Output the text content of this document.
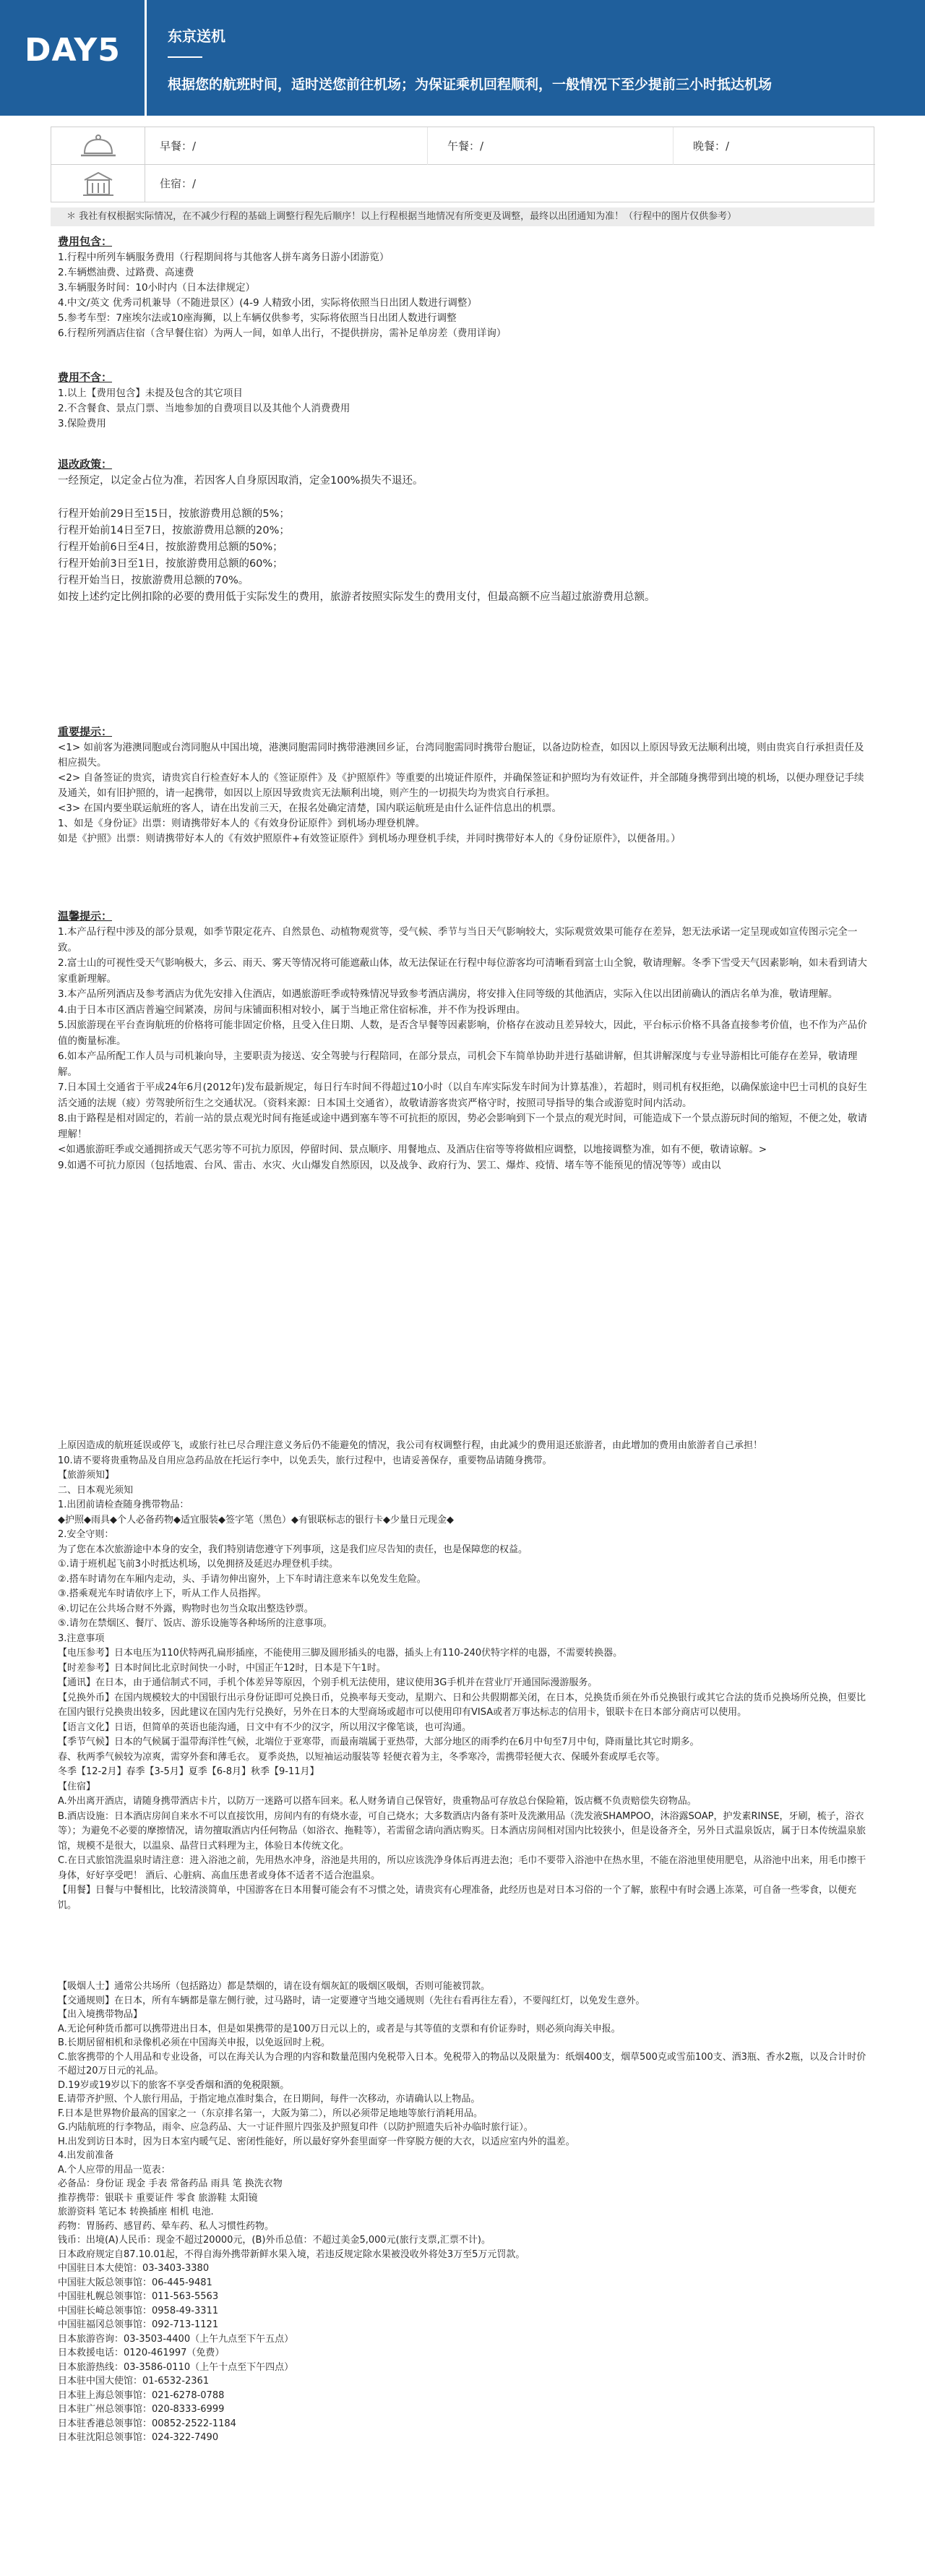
DAY5	东京送机
根据您的航班时间，适时送您前往机场；为保证乘机回程顺利，一般情况下至少提前三小时抵达机场
早餐：/	午餐：/	晚餐：/
住宿：/
＊ 我社有权根据实际情况，在不减少行程的基础上调整行程先后顺序！以上行程根据当地情况有所变更及调整，最终以出团通知为准！（行程中的图片仅供参考）

费用包含：

1.行程中所列车辆服务费用（行程期间将与其他客人拼车离务日游小团游览）

2.车辆燃油费、过路费、高速费

3.车辆服务时间：10小时内（日本法律规定）

4.中文/英文 优秀司机兼导（不随进景区）(4-9 人精致小团，实际将依照当日出团人数进行调整）

5.参考车型：7座埃尔法或10座海狮，以上车辆仅供参考，实际将依照当日出团人数进行调整

6.行程所列酒店住宿（含早餐住宿）为两人一间，如单人出行，不提供拼房，需补足单房差（费用详询）

费用不含：

1.以上【费用包含】未提及包含的其它项目

2.不含餐食、景点门票、当地参加的自费项目以及其他个人消费费用

3.保险费用

退改政策：

一经预定，以定金占位为准，若因客人自身原因取消，定金100%损失不退还。

行程开始前29日至15日，按旅游费用总额的5%；

行程开始前14日至7日，按旅游费用总额的20%；

行程开始前6日至4日，按旅游费用总额的50%；

行程开始前3日至1日，按旅游费用总额的60%；

行程开始当日，按旅游费用总额的70%。

如按上述约定比例扣除的必要的费用低于实际发生的费用，旅游者按照实际发生的费用支付，但最高额不应当超过旅游费用总额。

重要提示：

<1> 如前客为港澳同胞或台湾同胞从中国出境，港澳同胞需同时携带港澳回乡证，台湾同胞需同时携带台胞证，以备边防检查，如因以上原因导致无法顺利出境，则由贵宾自行承担责任及相应损失。

<2> 自备签证的贵宾，请贵宾自行检查好本人的《签证原件》及《护照原件》等重要的出境证件原件，并确保签证和护照均为有效证件，并全部随身携带到出境的机场，以便办理登记手续及通关，如有旧护照的，请一起携带，如因以上原因导致贵宾无法顺利出境，则产生的一切损失均为贵宾自行承担。

<3> 在国内要坐联运航班的客人，请在出发前三天，在报名处确定清楚，国内联运航班是由什么证件信息出的机票。

1、如是《身份证》出票：则请携带好本人的《有效身份证原件》到机场办理登机牌。

如是《护照》出票：则请携带好本人的《有效护照原件+有效签证原件》到机场办理登机手续，并同时携带好本人的《身份证原件》，以便备用。）

温馨提示：

1.本产品行程中涉及的部分景观，如季节限定花卉、自然景色、动植物观赏等，受气候、季节与当日天气影响较大，实际观赏效果可能存在差异，恕无法承诺一定呈现或如宣传图示完全一致。

2.富士山的可视性受天气影响极大，多云、雨天、雾天等情况将可能遮蔽山体，故无法保证在行程中每位游客均可清晰看到富士山全貌，敬请理解。冬季下雪受天气因素影响，如未看到请大家重新理解。

3.本产品所列酒店及参考酒店为优先安排入住酒店，如遇旅游旺季或特殊情况导致参考酒店满房，将安排入住同等级的其他酒店，实际入住以出团前确认的酒店名单为准，敬请理解。

4.由于日本市区酒店普遍空间紧凑，房间与床铺面积相对较小，属于当地正常住宿标准，并不作为投诉理由。

5.因旅游现在平台查询航班的价格将可能非固定价格，且受入住日期、人数，是否含早餐等因素影响，价格存在波动且差异较大，因此，平台标示价格不具备直接参考价值，也不作为产品价值的衡量标准。

6.如本产品所配工作人员与司机兼向导，主要职责为接送、安全驾驶与行程陪同，在部分景点，司机会下车简单协助并进行基础讲解，但其讲解深度与专业导游相比可能存在差异，敬请理解。

7.日本国土交通省于平成24年6月(2012年)发布最新规定，每日行车时间不得超过10小时（以自车库实际发车时间为计算基准），若超时，则司机有权拒绝，以确保旅途中巴士司机的良好生活交通的法规（疲）劳驾驶所衍生之交通状况。（资料来源：日本国土交通省），故敬请游客贵宾严格守时，按照司导指导的集合或游览时间内活动。

8.由于路程是相对固定的，若前一站的景点观光时间有拖延或途中遇到塞车等不可抗拒的原因，势必会影响到下一个景点的观光时间，可能造成下一个景点游玩时间的缩短，不便之处，敬请理解！

<如遇旅游旺季或交通拥挤或天气恶劣等不可抗力原因，停留时间、景点顺序、用餐地点、及酒店住宿等等将做相应调整，以地接调整为准，如有不便，敬请谅解。>

9.如遇不可抗力原因（包括地震、台风、雷击、水灾、火山爆发自然原因，以及战争、政府行为、罢工、爆炸、疫情、堵车等不能预见的情况等等）或由以

上原因造成的航班延误或停飞，或旅行社已尽合理注意义务后仍不能避免的情况，我公司有权调整行程，由此减少的费用退还旅游者，由此增加的费用由旅游者自己承担！

10.请不要将贵重物品及自用应急药品放在托运行李中，以免丢失，旅行过程中，也请妥善保存，重要物品请随身携带。

【旅游须知】

二、日本观光须知

1.出团前请检查随身携带物品：

◆护照◆雨具◆个人必备药物◆适宜服装◆签字笔（黑色）◆有银联标志的银行卡◆少量日元现金◆

2.安全守则：

为了您在本次旅游途中本身的安全，我们特别请您遵守下列事项，这是我们应尽告知的责任，也是保障您的权益。

①.请于班机起飞前3小时抵达机场，以免拥挤及延迟办理登机手续。

②.搭车时请勿在车厢内走动，头、手请勿伸出窗外，上下车时请注意来车以免发生危险。

③.搭乘观光车时请依序上下，听从工作人员指挥。

④.切记在公共场合财不外露，购物时也勿当众取出整迭钞票。

⑤.请勿在禁烟区、餐厅、饭店、游乐设施等各种场所的注意事项。

3.注意事项

【电压参考】日本电压为110伏特两孔扁形插座，不能使用三脚及圆形插头的电器，插头上有110-240伏特字样的电器，不需要转换器。

【时差参考】日本时间比北京时间快一小时，中国正午12时，日本是下午1时。

【通讯】在日本，由于通信制式不同，手机个体差异等原因，个别手机无法使用，建议使用3G手机并在营业厅开通国际漫游服务。

【兑换外币】在国内规模较大的中国银行出示身份证即可兑换日币，兑换率每天变动，星期六、日和公共假期都关闭，在日本，兑换货币须在外币兑换银行或其它合法的货币兑换场所兑换，但要比在国内银行兑换贵出较多，因此建议在国内先行兑换好，另外在日本的大型商场或超市可以使用印有VISA或者万事达标志的信用卡，银联卡在日本部分商店可以使用。

【语言文化】日语，但简单的英语也能沟通，日文中有不少的汉字，所以用汉字像笔谈，也可沟通。

【季节气候】日本的气候属于温带海洋性气候，北端位于亚寒带，而最南端属于亚热带，大部分地区的雨季约在6月中旬至7月中旬，降雨量比其它时期多。

春、秋两季气候较为凉爽，需穿外套和薄毛衣。 夏季炎热，以短袖运动服装等 轻便衣着为主，冬季寒冷，需携带轻便大衣、保暖外套或厚毛衣等。

冬季【12-2月】春季【3-5月】夏季【6-8月】秋季【9-11月】

【住宿】

A.外出离开酒店，请随身携带酒店卡片，以防万一迷路可以搭车回来。私人财务请自己保管好，贵重物品可存放总台保险箱，饭店概不负责赔偿失窃物品。

B.酒店设施：日本酒店房间自来水不可以直接饮用，房间内有的有烧水壶，可自己烧水；大多数酒店内备有茶叶及洗漱用品（洗发液SHAMPOO，沐浴露SOAP，护发素RINSE，牙刷，梳子，浴衣等）；为避免不必要的摩擦情况，请勿擅取酒店内任何物品（如浴衣、拖鞋等），若需留念请向酒店购买。日本酒店房间相对国内比较狭小，但是设备齐全，另外日式温泉饭店，属于日本传统温泉旅馆，规模不是很大，以温泉、晶营日式料理为主，体验日本传统文化。

C.在日式旅馆洗温泉时请注意：进入浴池之前，先用热水冲身，浴池是共用的，所以应该洗净身体后再进去泡；毛巾不要带入浴池中在热水里，不能在浴池里使用肥皂，从浴池中出来，用毛巾擦干身体，好好享受吧！ 酒后、心脏病、高血压患者或身体不适者不适合泡温泉。

【用餐】日餐与中餐相比，比较清淡简单，中国游客在日本用餐可能会有不习惯之处，请贵宾有心理准备，此经历也是对日本习俗的一个了解，旅程中有时会遇上冻菜，可自备一些零食，以便充饥。

【吸烟人士】通常公共场所（包括路边）都是禁烟的，请在设有烟灰缸的吸烟区吸烟，否则可能被罚款。

【交通规则】在日本，所有车辆都是靠左侧行驶，过马路时，请一定要遵守当地交通规则（先往右看再往左看），不要闯红灯，以免发生意外。

【出入境携带物品】

A.无论何种货币都可以携带进出日本，但是如果携带的是100万日元以上的，或者是与其等值的支票和有价证券时，则必须向海关申报。

B.长期居留相机和录像机必须在中国海关申报，以免返回时上税。

C.旅客携带的个人用品和专业设备，可以在海关认为合理的内容和数量范围内免税带入日本。免税带入的物品以及限量为：纸烟400支，烟草500克或雪茄100支、酒3瓶、香水2瓶，以及合计时价不超过20万日元的礼品。

D.19岁或19岁以下的旅客不享受香烟和酒的免税限额。

E.请带齐护照、个人旅行用品，于指定地点准时集合，在日期间，每件一次移动，亦请确认以上物品。

F.日本是世界物价最高的国家之一（东京排名第一，大阪为第二），所以必须带足地地等旅行消耗用品。

G.内陆航班的行李物品，雨伞、应急药品、大一寸证件照片四张及护照复印件（以防护照遗失后补办临时旅行证）。

H.出发到访日本时，因为日本室内暖气足、密闭性能好，所以最好穿外套里面穿一件穿脱方便的大衣，以适应室内外的温差。

4.出发前准备

A.个人应带的用品一览表：

必备品：身份证 现金 手表 常备药品 雨具 笔 换洗衣物

推荐携带：银联卡 重要证件 零食 旅游鞋 太阳镜

旅游资料 笔记本 转换插座 相机 电池.

药物：胃肠药、感冒药、晕车药、私人习惯性药物。

钱币：出境(A)人民币：现金不超过20000元，(B)外币总值：不超过美金5,000元(旅行支票,汇票不计)。

日本政府规定自87.10.01起，不得自海外携带新鲜水果入境，若违反规定除水果被没收外将处3万至5万元罚款。

中国驻日本大使馆：03-3403-3380

中国驻大阪总领事馆：06-445-9481

中国驻札幌总领事馆：011-563-5563

中国驻长崎总领事馆：0958-49-3311

中国驻福冈总领事馆：092-713-1121

日本旅游咨询：03-3503-4400（上午九点至下午五点）

日本救援电话：0120-461997（免费）

日本旅游热线：03-3586-0110（上午十点至下午四点）

日本驻中国大使馆：01-6532-2361

日本驻上海总领事馆：021-6278-0788

日本驻广州总领事馆：020-8333-6999

日本驻香港总领事馆：00852-2522-1184

日本驻沈阳总领事馆：024-322-7490
